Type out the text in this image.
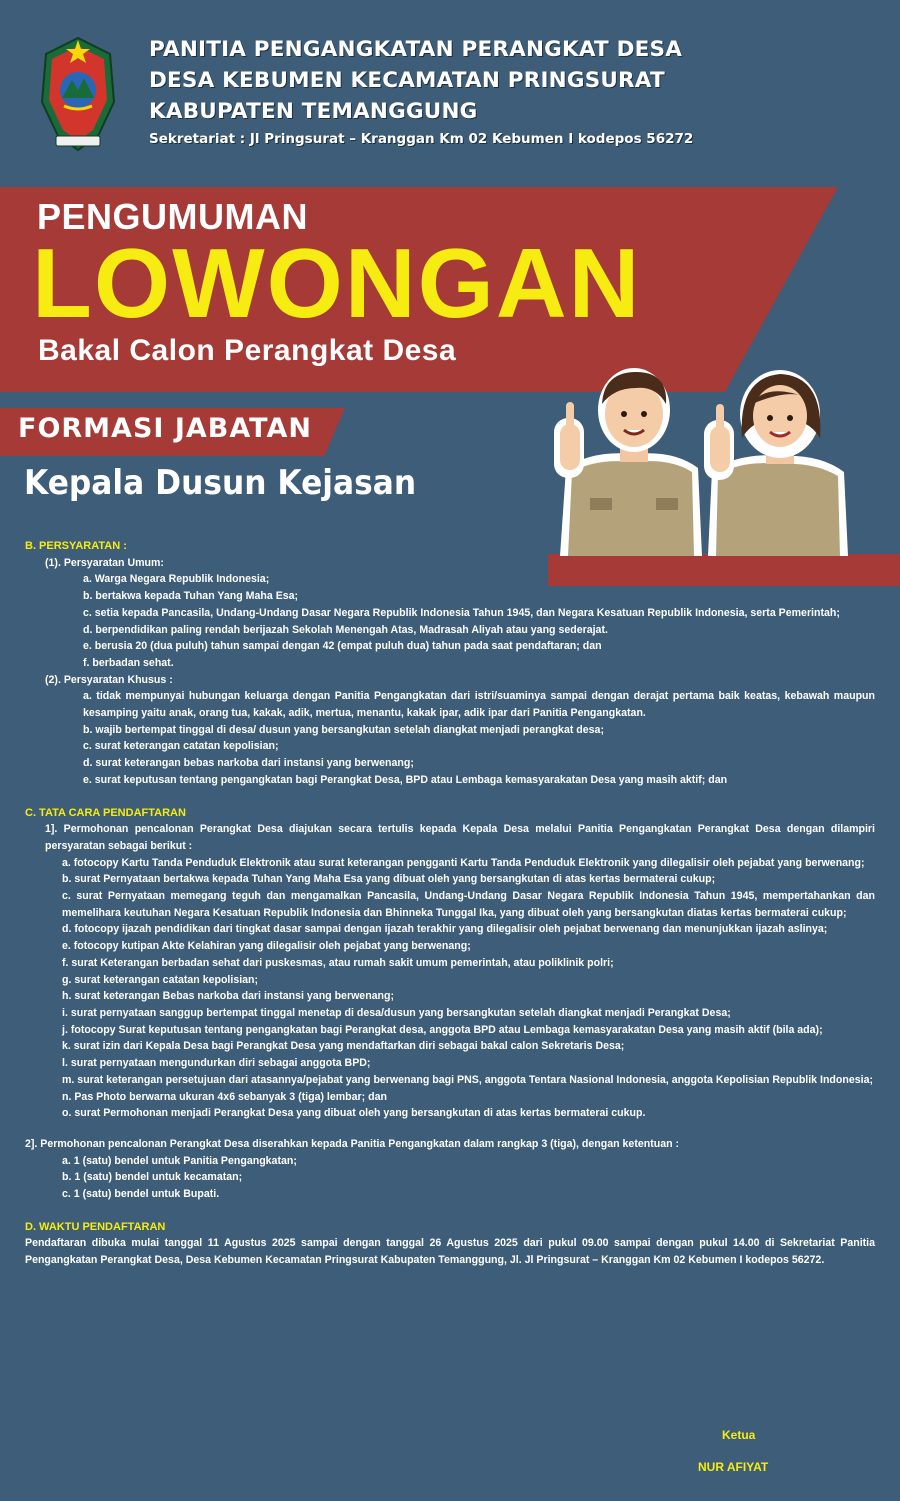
PANITIA PENGANGKATAN PERANGKAT DESA
DESA KEBUMEN KECAMATAN PRINGSURAT
KABUPATEN TEMANGGUNG
Sekretariat : Jl Pringsurat – Kranggan Km 02 Kebumen I kodepos 56272
PENGUMUMAN
LOWONGAN
Bakal Calon Perangkat Desa
FORMASI JABATAN
Kepala Dusun Kejasan
B. PERSYARATAN :
(1). Persyaratan Umum:
a. Warga Negara Republik Indonesia;
b. bertakwa kepada Tuhan Yang Maha Esa;
c. setia kepada Pancasila, Undang-Undang Dasar Negara Republik Indonesia Tahun 1945, dan Negara Kesatuan Republik Indonesia, serta Pemerintah;
d. berpendidikan paling rendah berijazah Sekolah Menengah Atas, Madrasah Aliyah atau yang sederajat.
e. berusia 20 (dua puluh) tahun sampai dengan 42 (empat puluh dua) tahun pada saat pendaftaran; dan
f. berbadan sehat.
(2). Persyaratan Khusus :
a. tidak mempunyai hubungan keluarga dengan Panitia Pengangkatan dari istri/suaminya sampai dengan derajat pertama baik keatas, kebawah maupun kesamping yaitu anak, orang tua, kakak, adik, mertua, menantu, kakak ipar, adik ipar dari Panitia Pengangkatan.
b. wajib bertempat tinggal di desa/ dusun yang bersangkutan setelah diangkat menjadi perangkat desa;
c. surat keterangan catatan kepolisian;
d. surat keterangan bebas narkoba dari instansi yang berwenang;
e. surat keputusan tentang pengangkatan bagi Perangkat Desa, BPD atau Lembaga kemasyarakatan Desa yang masih aktif; dan
C. TATA CARA PENDAFTARAN
1]. Permohonan pencalonan Perangkat Desa diajukan secara tertulis kepada Kepala Desa melalui Panitia Pengangkatan Perangkat Desa dengan dilampiri persyaratan sebagai berikut :
a. fotocopy Kartu Tanda Penduduk Elektronik atau surat keterangan pengganti Kartu Tanda Penduduk Elektronik yang dilegalisir oleh pejabat yang berwenang;
b. surat Pernyataan bertakwa kepada Tuhan Yang Maha Esa yang dibuat oleh yang bersangkutan di atas kertas bermaterai cukup;
c. surat Pernyataan memegang teguh dan mengamalkan Pancasila, Undang-Undang Dasar Negara Republik Indonesia Tahun 1945, mempertahankan dan memelihara keutuhan Negara Kesatuan Republik Indonesia dan Bhinneka Tunggal Ika, yang dibuat oleh yang bersangkutan diatas kertas bermaterai cukup;
d. fotocopy ijazah pendidikan dari tingkat dasar sampai dengan ijazah terakhir yang dilegalisir oleh pejabat berwenang dan menunjukkan ijazah aslinya;
e. fotocopy kutipan Akte Kelahiran yang dilegalisir oleh pejabat yang berwenang;
f. surat Keterangan berbadan sehat dari puskesmas, atau rumah sakit umum pemerintah, atau poliklinik polri;
g. surat keterangan catatan kepolisian;
h. surat keterangan Bebas narkoba dari instansi yang berwenang;
i. surat pernyataan sanggup bertempat tinggal menetap di desa/dusun yang bersangkutan setelah diangkat menjadi Perangkat Desa;
j. fotocopy Surat keputusan tentang pengangkatan bagi Perangkat desa, anggota BPD atau Lembaga kemasyarakatan Desa yang masih aktif (bila ada);
k. surat izin dari Kepala Desa bagi Perangkat Desa yang mendaftarkan diri sebagai bakal calon Sekretaris Desa;
l. surat pernyataan mengundurkan diri sebagai anggota BPD;
m. surat keterangan persetujuan dari atasannya/pejabat yang berwenang bagi PNS, anggota Tentara Nasional Indonesia, anggota Kepolisian Republik Indonesia;
n. Pas Photo berwarna ukuran 4x6 sebanyak 3 (tiga) lembar; dan
o. surat Permohonan menjadi Perangkat Desa yang dibuat oleh yang bersangkutan di atas kertas bermaterai cukup.
2]. Permohonan pencalonan Perangkat Desa diserahkan kepada Panitia Pengangkatan dalam rangkap 3 (tiga), dengan ketentuan :
a. 1 (satu) bendel untuk Panitia Pengangkatan;
b. 1 (satu) bendel untuk kecamatan;
c. 1 (satu) bendel untuk Bupati.
D. WAKTU PENDAFTARAN
Pendaftaran dibuka mulai tanggal 11 Agustus 2025 sampai dengan tanggal 26 Agustus 2025 dari pukul 09.00 sampai dengan pukul 14.00 di Sekretariat Panitia Pengangkatan Perangkat Desa, Desa Kebumen Kecamatan Pringsurat Kabupaten Temanggung, Jl. Jl Pringsurat – Kranggan Km 02 Kebumen I kodepos 56272.
Ketua
NUR AFIYAT
